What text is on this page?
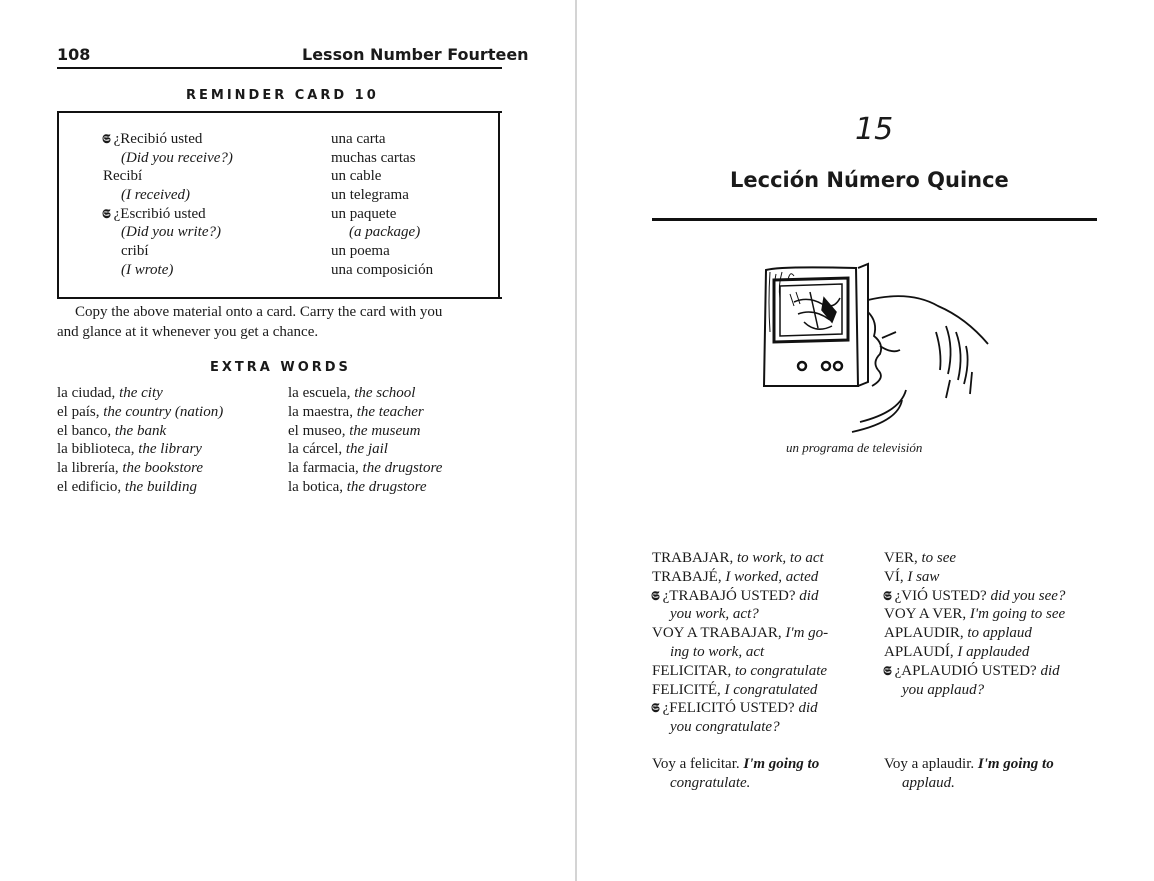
108	Lesson Number Fourteen
REMINDER CARD 10
𝕾 ¿Recibió usted
(Did you receive?)
Recibí
(I received)
𝕾 ¿Escribió usted
(Did you write?)
cribí
(I wrote)
una carta
muchas cartas
un cable
un telegrama
un paquete
(a package)
un poema
una composición
Copy the above material onto a card. Carry the card with you
and glance at it whenever you get a chance.
EXTRA WORDS
la ciudad, the city
el país, the country (nation)
el banco, the bank
la biblioteca, the library
la librería, the bookstore
el edificio, the building
la escuela, the school
la maestra, the teacher
el museo, the museum
la cárcel, the jail
la farmacia, the drugstore
la botica, the drugstore
15
Lección Número Quince
un programa de televisión
TRABAJAR, to work, to act
TRABAJÉ, I worked, acted
𝕾 ¿TRABAJÓ USTED? did
you work, act?
VOY A TRABAJAR, I'm go-
ing to work, act
FELICITAR, to congratulate
FELICITÉ, I congratulated
𝕾 ¿FELICITÓ USTED? did
you congratulate?
VER, to see
VÍ, I saw
𝕾 ¿VIÓ USTED? did you see?
VOY A VER, I'm going to see
APLAUDIR, to applaud
APLAUDÍ, I applauded
𝕾 ¿APLAUDIÓ USTED? did
you applaud?
Voy a felicitar. I'm going to
congratulate.
Voy a aplaudir. I'm going to
applaud.
